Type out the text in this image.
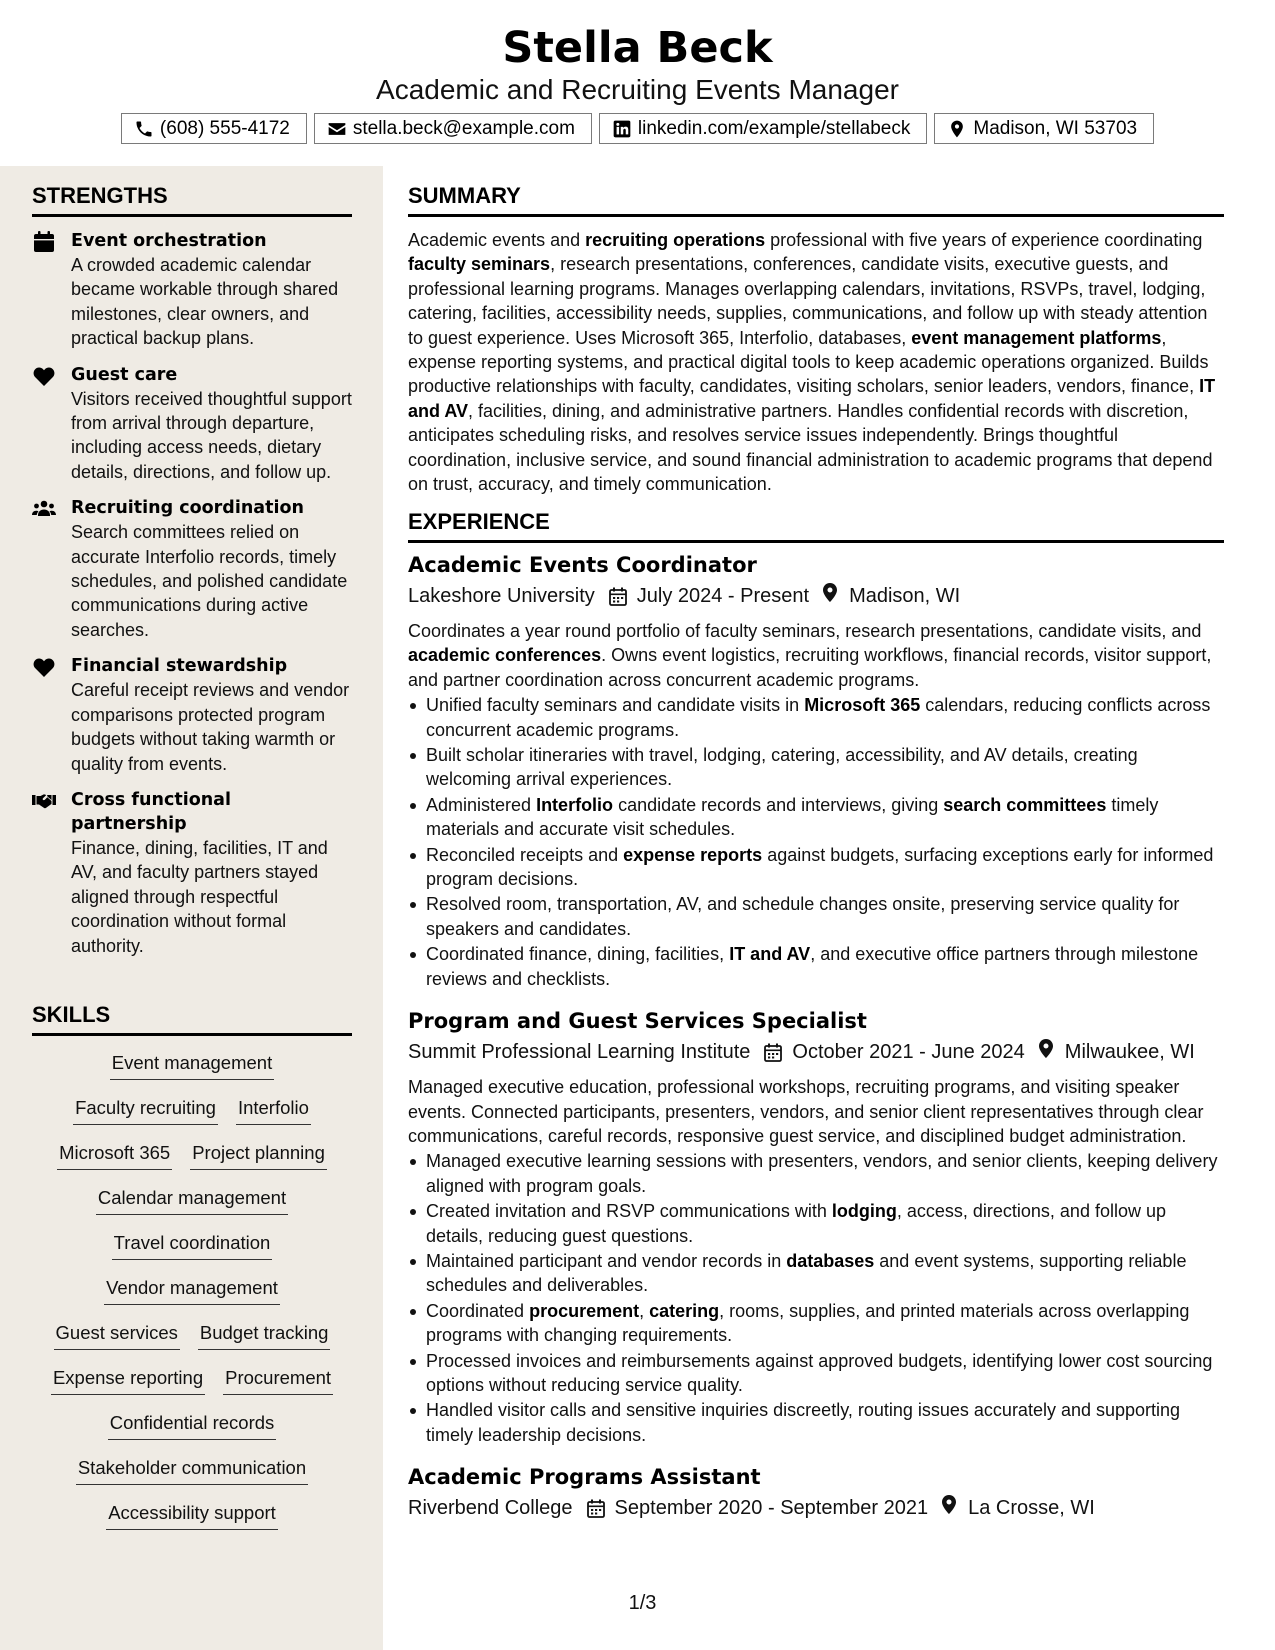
Stella Beck
Academic and Recruiting Events Manager
(608) 555-4172	stella.beck@example.com	linkedin.com/example/stellabeck	Madison, WI 53703
STRENGTHS
Event orchestration
A crowded academic calendar became workable through shared milestones, clear owners, and practical backup plans.
Guest care
Visitors received thoughtful support from arrival through departure, including access needs, dietary details, directions, and follow up.
Recruiting coordination
Search committees relied on accurate Interfolio records, timely schedules, and polished candidate communications during active searches.
Financial stewardship
Careful receipt reviews and vendor comparisons protected program budgets without taking warmth or quality from events.
Cross functional partnership
Finance, dining, facilities, IT and AV, and faculty partners stayed aligned through respectful coordination without formal authority.
SKILLS
Event management
Faculty recruiting Interfolio
Microsoft 365 Project planning
Calendar management
Travel coordination
Vendor management
Guest services Budget tracking
Expense reporting Procurement
Confidential records
Stakeholder communication
Accessibility support
SUMMARY

Academic events and recruiting operations professional with five years of experience coordinating faculty seminars, research presentations, conferences, candidate visits, executive guests, and professional learning programs. Manages overlapping calendars, invitations, RSVPs, travel, lodging, catering, facilities, accessibility needs, supplies, communications, and follow up with steady attention to guest experience. Uses Microsoft 365, Interfolio, databases, event management platforms, expense reporting systems, and practical digital tools to keep academic operations organized. Builds productive relationships with faculty, candidates, visiting scholars, senior leaders, vendors, finance, IT and AV, facilities, dining, and administrative partners. Handles confidential records with discretion, anticipates scheduling risks, and resolves service issues independently. Brings thoughtful coordination, inclusive service, and sound financial administration to academic programs that depend on trust, accuracy, and timely communication.

EXPERIENCE
Academic Events Coordinator
Lakeshore University July 2024 - Present Madison, WI

Coordinates a year round portfolio of faculty seminars, research presentations, candidate visits, and academic conferences. Owns event logistics, recruiting workflows, financial records, visitor support, and partner coordination across concurrent academic programs.

Unified faculty seminars and candidate visits in Microsoft 365 calendars, reducing conflicts across concurrent academic programs.
Built scholar itineraries with travel, lodging, catering, accessibility, and AV details, creating welcoming arrival experiences.
Administered Interfolio candidate records and interviews, giving search committees timely materials and accurate visit schedules.
Reconciled receipts and expense reports against budgets, surfacing exceptions early for informed program decisions.
Resolved room, transportation, AV, and schedule changes onsite, preserving service quality for speakers and candidates.
Coordinated finance, dining, facilities, IT and AV, and executive office partners through milestone reviews and checklists.
Program and Guest Services Specialist
Summit Professional Learning Institute October 2021 - June 2024 Milwaukee, WI

Managed executive education, professional workshops, recruiting programs, and visiting speaker events. Connected participants, presenters, vendors, and senior client representatives through clear communications, careful records, responsive guest service, and disciplined budget administration.

Managed executive learning sessions with presenters, vendors, and senior clients, keeping delivery aligned with program goals.
Created invitation and RSVP communications with lodging, access, directions, and follow up details, reducing guest questions.
Maintained participant and vendor records in databases and event systems, supporting reliable schedules and deliverables.
Coordinated procurement, catering, rooms, supplies, and printed materials across overlapping programs with changing requirements.
Processed invoices and reimbursements against approved budgets, identifying lower cost sourcing options without reducing service quality.
Handled visitor calls and sensitive inquiries discreetly, routing issues accurately and supporting timely leadership decisions.
Academic Programs Assistant
Riverbend College September 2020 - September 2021 La Crosse, WI
1/3
